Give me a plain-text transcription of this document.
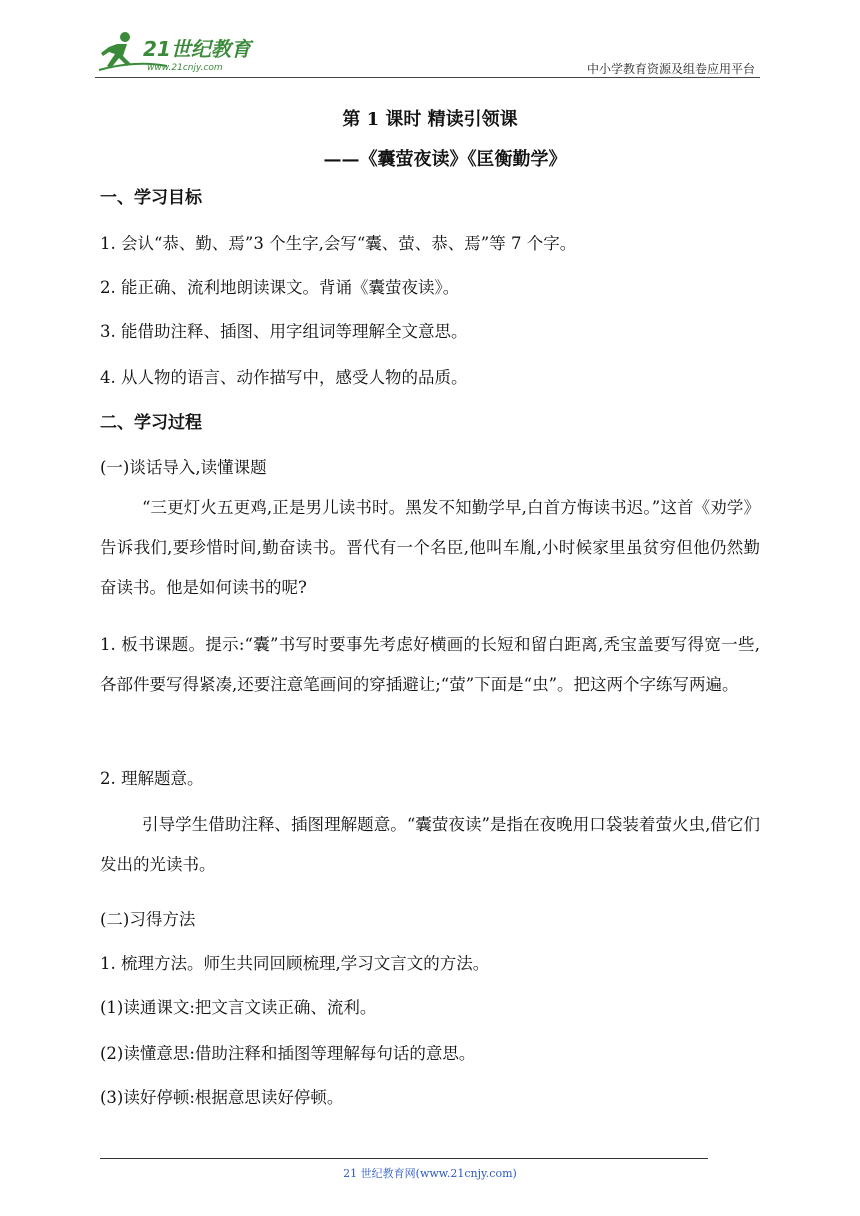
21世纪教育
www.21cnjy.com	中小学教育资源及组卷应用平台
第 1 课时 精读引领课
——《囊萤夜读》《匡衡勤学》
一、学习目标
1. 会认“恭、勤、焉”3 个生字,会写“囊、萤、恭、焉”等 7 个字。
2. 能正确、流利地朗读课文。背诵《囊萤夜读》。
3. 能借助注释、插图、用字组词等理解全文意思。
4. 从人物的语言、动作描写中，感受人物的品质。
二、学习过程
(一)谈话导入,读懂课题
“三更灯火五更鸡,正是男儿读书时。黑发不知勤学早,白首方悔读书迟。”这首《劝学》告诉我们,要珍惜时间,勤奋读书。晋代有一个名臣,他叫车胤,小时候家里虽贫穷但他仍然勤奋读书。他是如何读书的呢?
1. 板书课题。提示:“囊”书写时要事先考虑好横画的长短和留白距离,秃宝盖要写得宽一些,各部件要写得紧凑,还要注意笔画间的穿插避让;“萤”下面是“虫”。把这两个字练写两遍。
2. 理解题意。
引导学生借助注释、插图理解题意。“囊萤夜读”是指在夜晚用口袋装着萤火虫,借它们发出的光读书。
(二)习得方法
1. 梳理方法。师生共同回顾梳理,学习文言文的方法。
(1)读通课文:把文言文读正确、流利。
(2)读懂意思:借助注释和插图等理解每句话的意思。
(3)读好停顿:根据意思读好停顿。
21 世纪教育网(www.21cnjy.com)
